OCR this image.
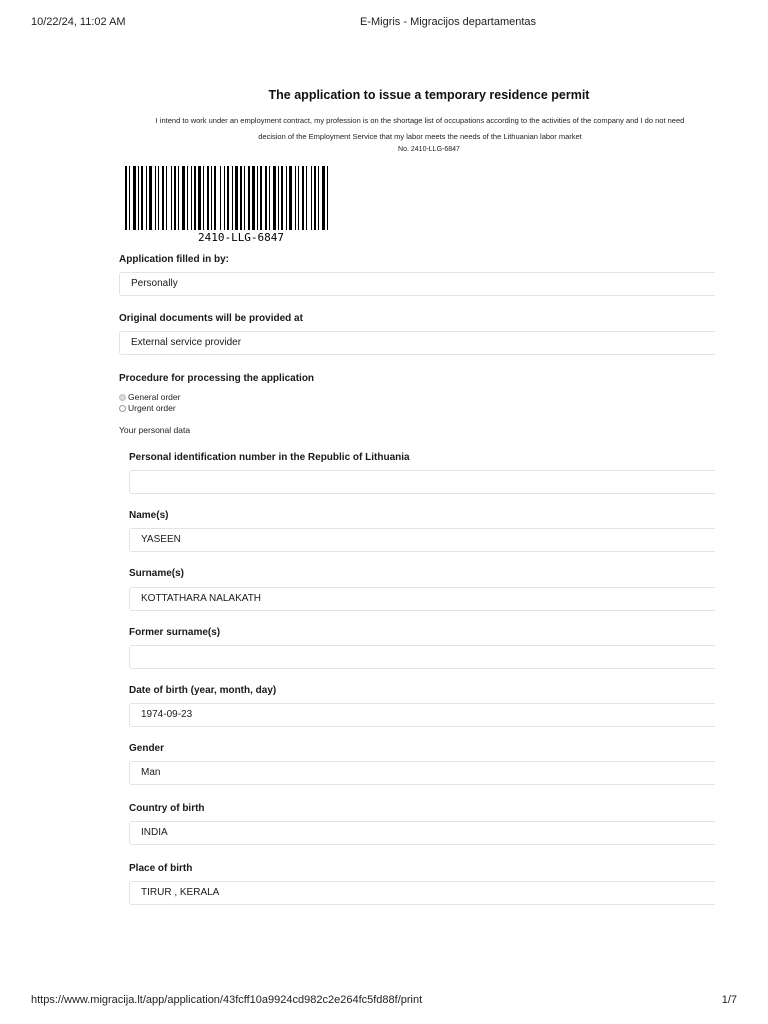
10/22/24, 11:02 AM	E-Migris - Migracijos departamentas
The application to issue a temporary residence permit
I intend to work under an employment contract, my profession is on the shortage list of occupations according to the activities of the company and I do not need
decision of the Employment Service that my labor meets the needs of the Lithuanian labor market
No. 2410-LLG-6847
2410-LLG-6847
Application filled in by:
Personally
Original documents will be provided at
External service provider
Procedure for processing the application
General order
Urgent order
Your personal data
Personal identification number in the Republic of Lithuania
Name(s)
YASEEN
Surname(s)
KOTTATHARA NALAKATH
Former surname(s)
Date of birth (year, month, day)
1974-09-23
Gender
Man
Country of birth
INDIA
Place of birth
TIRUR , KERALA
https://www.migracija.lt/app/application/43fcff10a9924cd982c2e264fc5fd88f/print	1/7
